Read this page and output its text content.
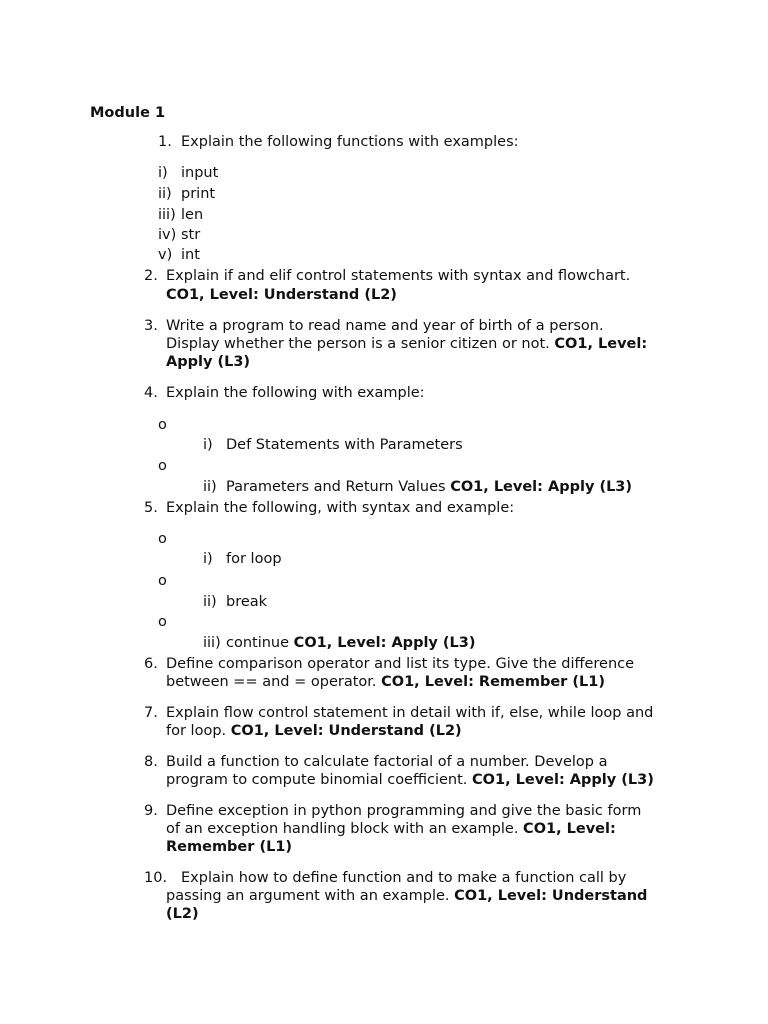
Module 1
1. Explain the following functions with examples:
i) input
ii) print
iii) len
iv) str
v) int
2. Explain if and elif control statements with syntax and flowchart.
CO1, Level: Understand (L2)
3. Write a program to read name and year of birth of a person.
Display whether the person is a senior citizen or not. CO1, Level:
Apply (L3)
4. Explain the following with example:
o
i) Def Statements with Parameters
o
ii) Parameters and Return Values CO1, Level: Apply (L3)
5. Explain the following, with syntax and example:
o
i) for loop
o
ii) break
o
iii) continue CO1, Level: Apply (L3)
6. Define comparison operator and list its type. Give the difference
between == and = operator. CO1, Level: Remember (L1)
7. Explain flow control statement in detail with if, else, while loop and
for loop. CO1, Level: Understand (L2)
8. Build a function to calculate factorial of a number. Develop a
program to compute binomial coefficient. CO1, Level: Apply (L3)
9. Define exception in python programming and give the basic form
of an exception handling block with an example. CO1, Level:
Remember (L1)
10. Explain how to define function and to make a function call by
passing an argument with an example. CO1, Level: Understand
(L2)
